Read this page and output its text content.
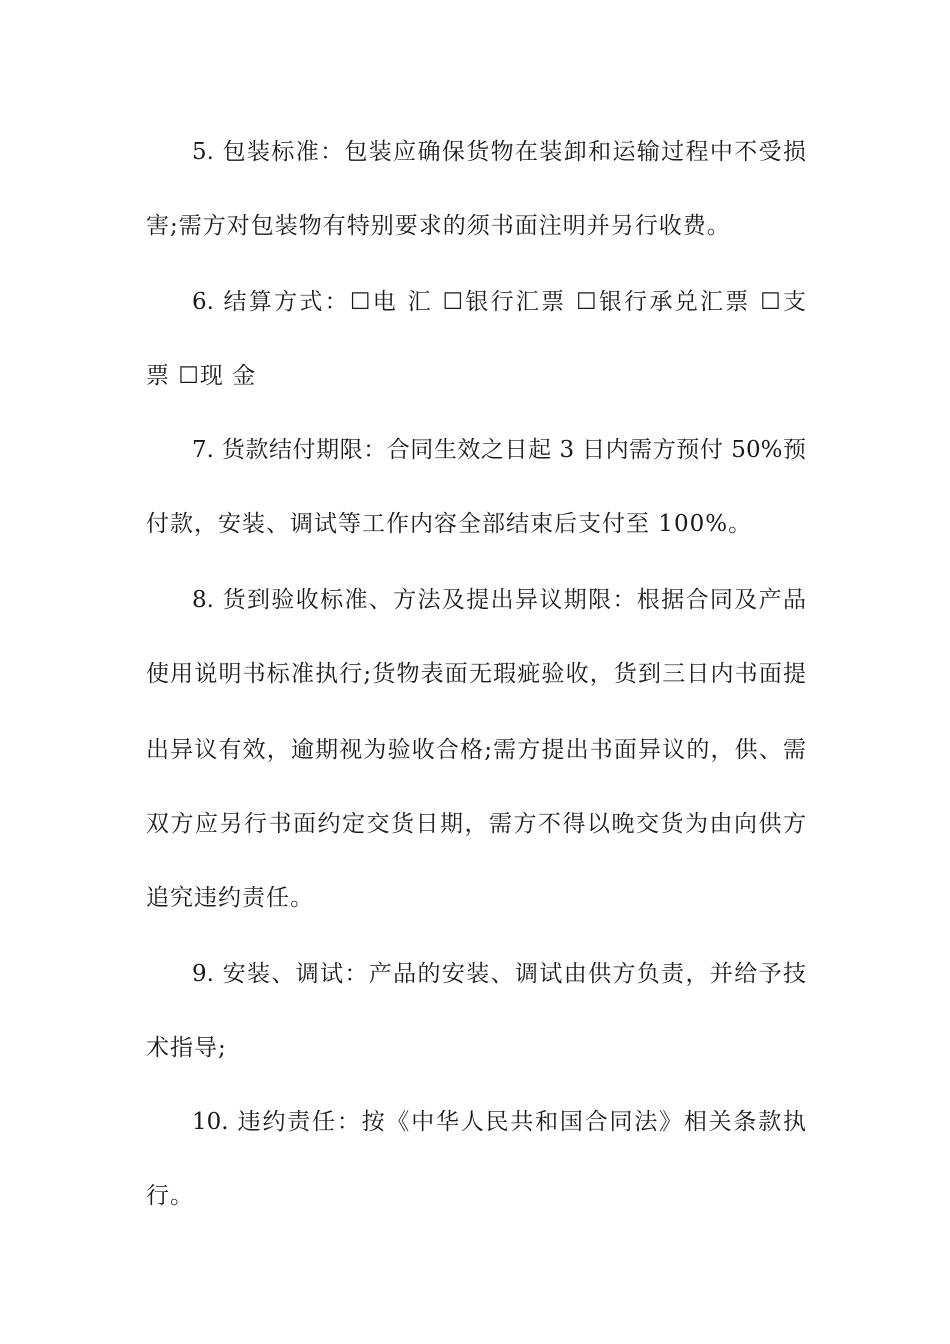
5. 包装标准：包装应确保货物在装卸和运输过程中不受损
害;需方对包装物有特别要求的须书面注明并另行收费。
6. 结算方式：☐电 汇 ☐银行汇票 ☐银行承兑汇票 ☐支
票 ☐现 金
7. 货款结付期限：合同生效之日起 3 日内需方预付 50%预
付款，安装、调试等工作内容全部结束后支付至 100%。
8. 货到验收标准、方法及提出异议期限：根据合同及产品
使用说明书标准执行;货物表面无瑕疵验收，货到三日内书面提
出异议有效，逾期视为验收合格;需方提出书面异议的，供、需
双方应另行书面约定交货日期，需方不得以晚交货为由向供方
追究违约责任。
9. 安装、调试：产品的安装、调试由供方负责，并给予技
术指导;
10. 违约责任：按《中华人民共和国合同法》相关条款执
行。
